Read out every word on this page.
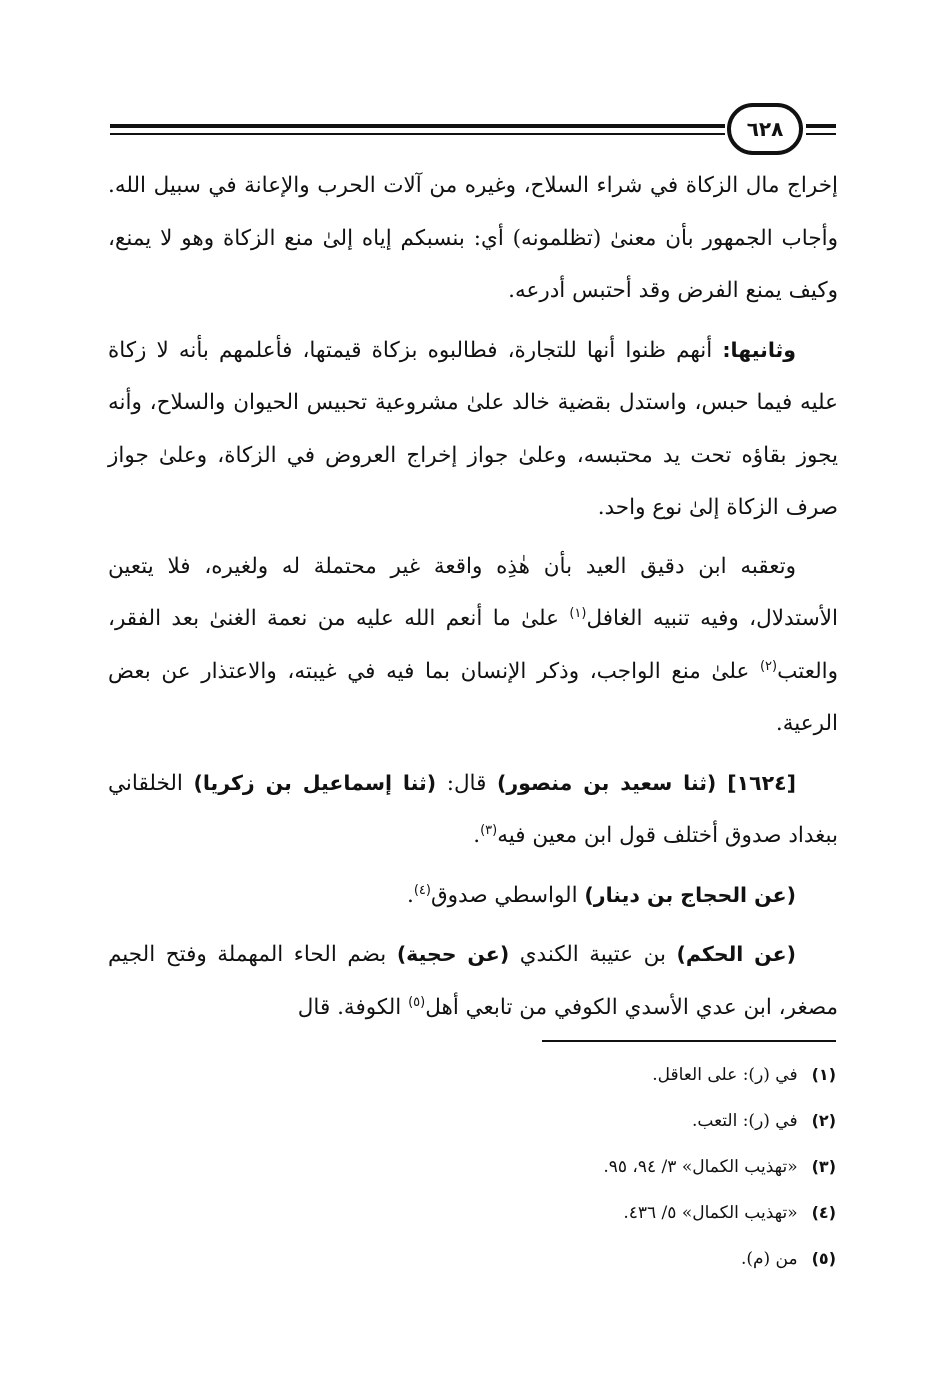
٦٢٨

إخراج مال الزكاة في شراء السلاح، وغيره من آلات الحرب والإعانة في سبيل الله. وأجاب الجمهور بأن معنىٰ (تظلمونه) أي: بنسبكم إياه إلىٰ منع الزكاة وهو لا يمنع، وكيف يمنع الفرض وقد أحتبس أدرعه.

وثانيها: أنهم ظنوا أنها للتجارة، فطالبوه بزكاة قيمتها، فأعلمهم بأنه لا زكاة عليه فيما حبس، واستدل بقضية خالد علىٰ مشروعية تحبيس الحيوان والسلاح، وأنه يجوز بقاؤه تحت يد محتبسه، وعلىٰ جواز إخراج العروض في الزكاة، وعلىٰ جواز صرف الزكاة إلىٰ نوع واحد.

وتعقبه ابن دقيق العيد بأن هٰذِه واقعة غير محتملة له ولغيره، فلا يتعين الأستدلال، وفيه تنبيه الغافل$^{(١)}$ علىٰ ما أنعم الله عليه من نعمة الغنىٰ بعد الفقر، والعتب$^{(٢)}$ علىٰ منع الواجب، وذكر الإنسان بما فيه في غيبته، والاعتذار عن بعض الرعية.

[١٦٢٤] (ثنا سعيد بن منصور) قال: (ثنا إسماعيل بن زكريا) الخلقاني ببغداد صدوق أختلف قول ابن معين فيه$^{(٣)}$.

(عن الحجاج بن دينار) الواسطي صدوق$^{(٤)}$.

(عن الحكم) بن عتيبة الكندي (عن حجية) بضم الحاء المهملة وفتح الجيم مصغر، ابن عدي الأسدي الكوفي من تابعي أهل$^{(٥)}$ الكوفة. قال

(١)في (ر): على العاقل.
(٢)في (ر): التعب.
(٣)«تهذيب الكمال» ٣/ ٩٤، ٩٥.
(٤)«تهذيب الكمال» ٥/ ٤٣٦.
(٥)من (م).
